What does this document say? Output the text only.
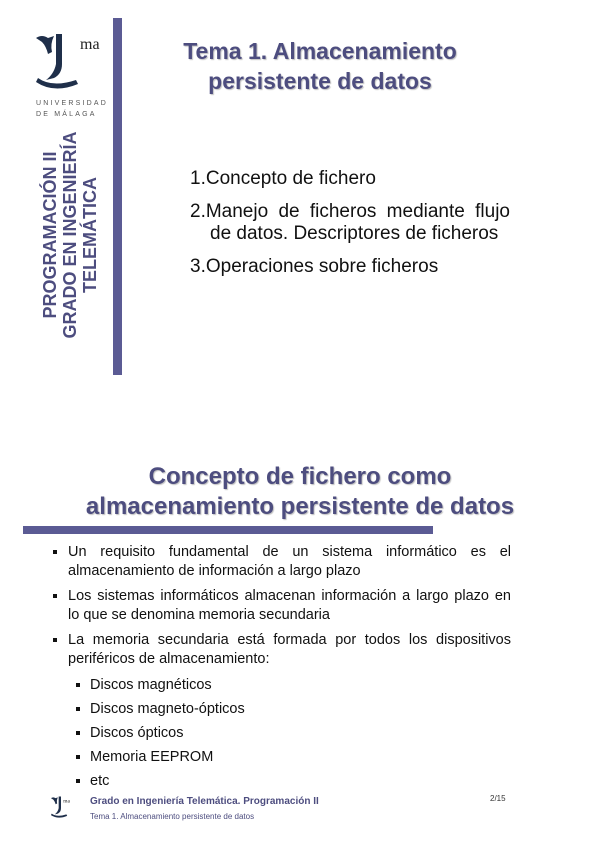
ma
UNIVERSIDAD
DE MÁLAGA
PROGRAMACIÓN II GRADO EN INGENIERÍA TELEMÁTICA
Tema 1. Almacenamiento
persistente de datos
1.Concepto de fichero
2.Manejo de ficheros mediante flujo de datos. Descriptores de ficheros
3.Operaciones sobre ficheros
Concepto de fichero como
almacenamiento persistente de datos
Un requisito fundamental de un sistema informático es el almacenamiento de información a largo plazo
Los sistemas informáticos almacenan información a largo plazo en lo que se denomina memoria secundaria
La memoria secundaria está formada por todos los dispositivos periféricos de almacenamiento:
Discos magnéticos
Discos magneto-ópticos
Discos ópticos
Memoria EEPROM
etc
ma Grado en Ingeniería Telemática. Programación II
Tema 1. Almacenamiento persistente de datos
2/15
